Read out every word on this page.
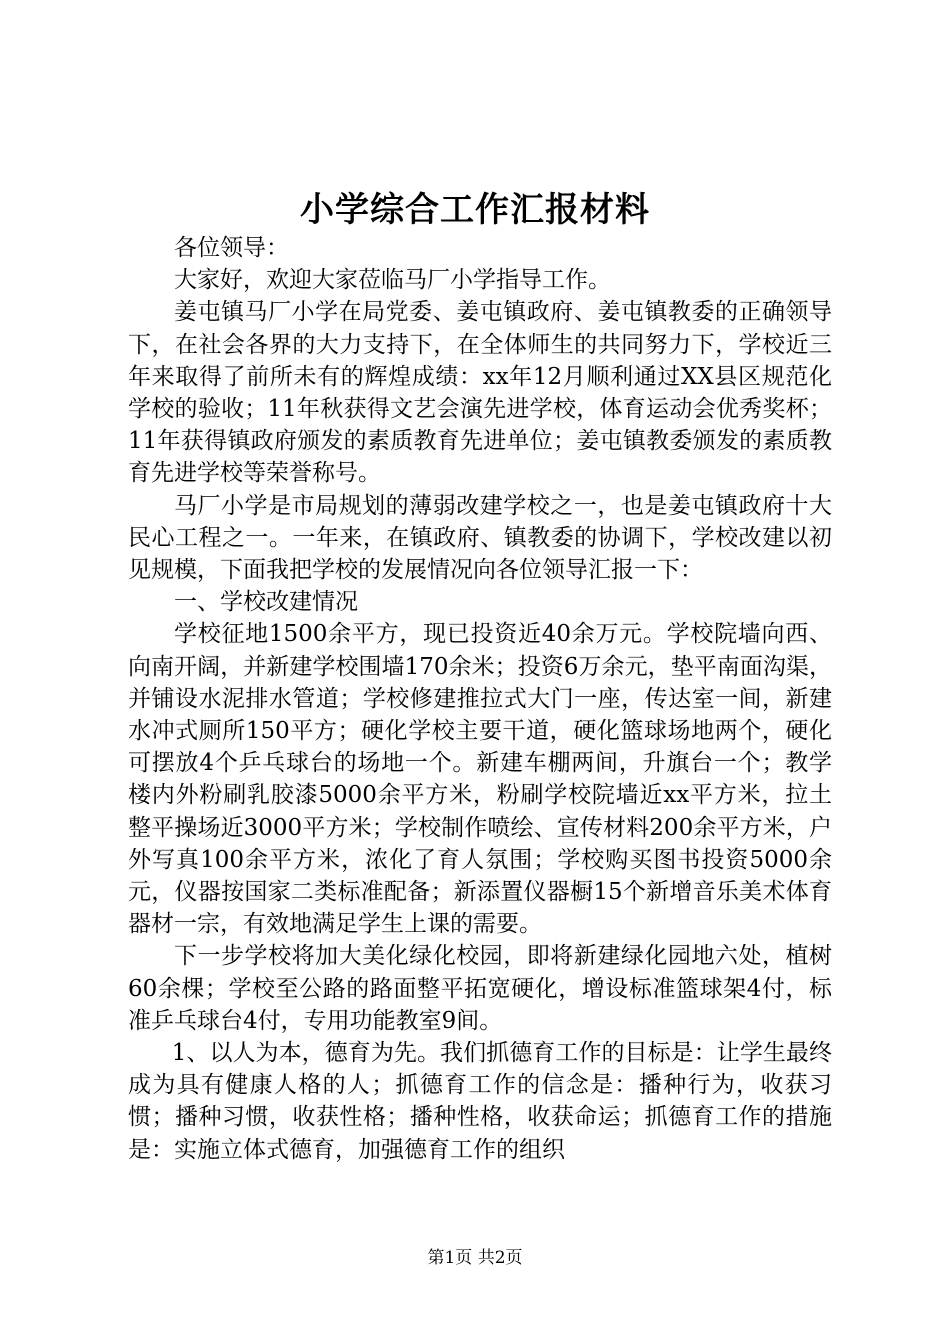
小学综合工作汇报材料

各位领导：

大家好，欢迎大家莅临马厂小学指导工作。

姜屯镇马厂小学在局党委、姜屯镇政府、姜屯镇教委的正确领导下，在社会各界的大力支持下，在全体师生的共同努力下，学校近三年来取得了前所未有的辉煌成绩：xx年12月顺利通过XX县区规范化学校的验收；11年秋获得文艺会演先进学校，体育运动会优秀奖杯；11年获得镇政府颁发的素质教育先进单位；姜屯镇教委颁发的素质教育先进学校等荣誉称号。

马厂小学是市局规划的薄弱改建学校之一，也是姜屯镇政府十大民心工程之一。一年来，在镇政府、镇教委的协调下，学校改建以初见规模，下面我把学校的发展情况向各位领导汇报一下：

一、学校改建情况

学校征地1500余平方，现已投资近40余万元。学校院墙向西、向南开阔，并新建学校围墙170余米；投资6万余元，垫平南面沟渠，并铺设水泥排水管道；学校修建推拉式大门一座，传达室一间，新建水冲式厕所150平方；硬化学校主要干道，硬化篮球场地两个，硬化可摆放4个乒乓球台的场地一个。新建车棚两间，升旗台一个；教学楼内外粉刷乳胶漆5000余平方米，粉刷学校院墙近xx平方米，拉土整平操场近3000平方米；学校制作喷绘、宣传材料200余平方米，户外写真100余平方米，浓化了育人氛围；学校购买图书投资5000余元，仪器按国家二类标准配备；新添置仪器橱15个新增音乐美术体育器材一宗，有效地满足学生上课的需要。

下一步学校将加大美化绿化校园，即将新建绿化园地六处，植树60余棵；学校至公路的路面整平拓宽硬化，增设标准篮球架4付，标准乒乓球台4付，专用功能教室9间。

1、以人为本，德育为先。我们抓德育工作的目标是：让学生最终成为具有健康人格的人；抓德育工作的信念是：播种行为，收获习惯；播种习惯，收获性格；播种性格，收获命运；抓德育工作的措施是：实施立体式德育，加强德育工作的组织

第1页 共2页
